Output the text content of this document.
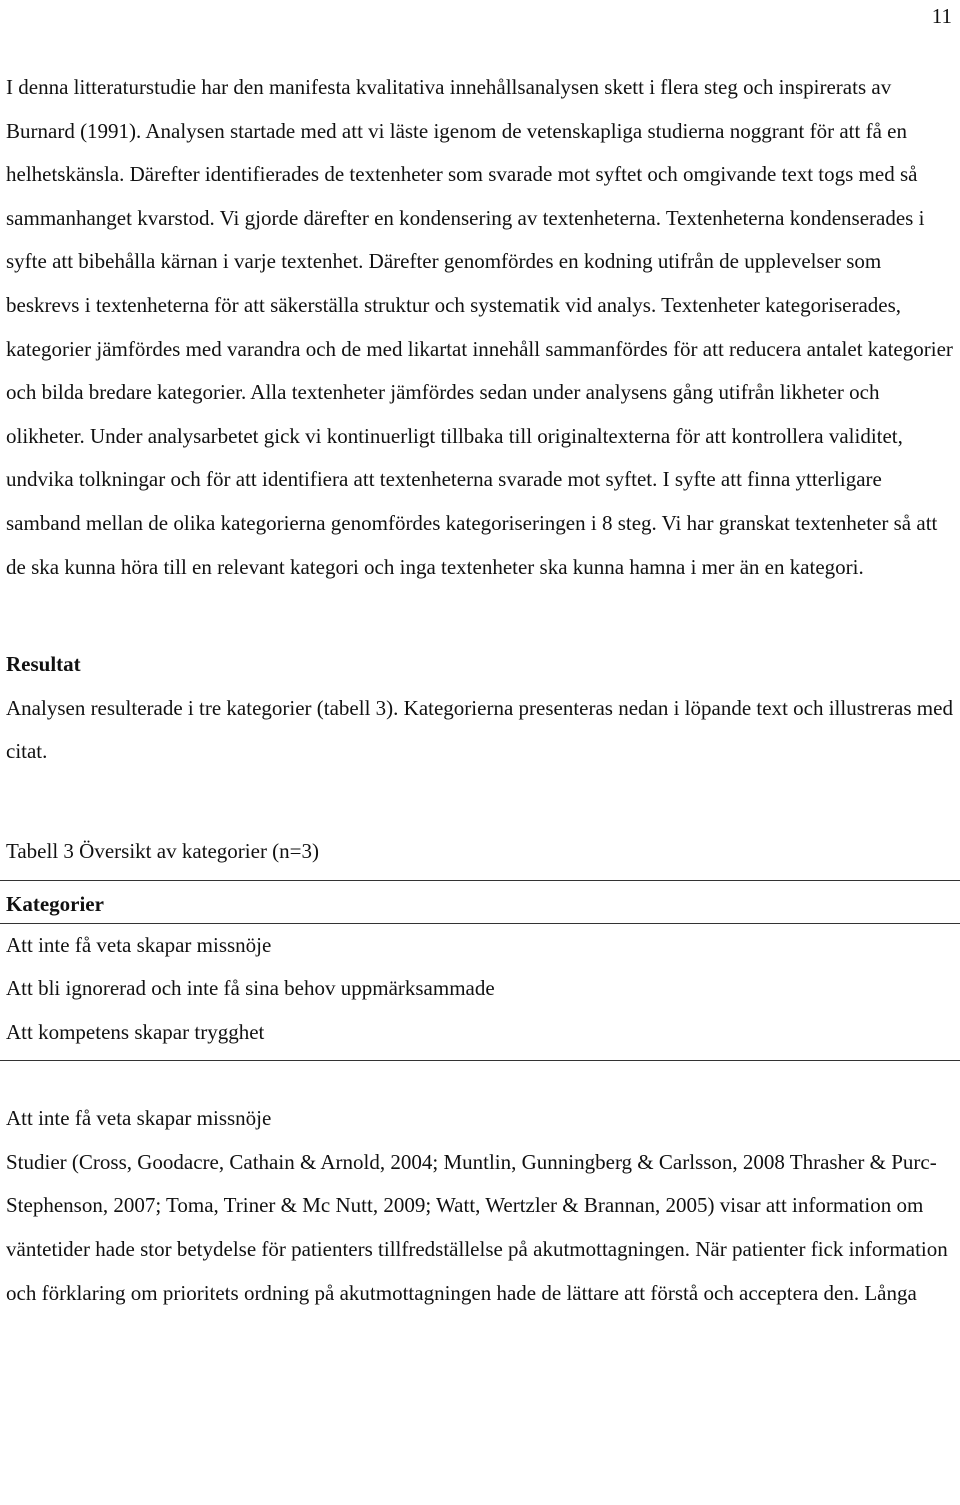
11

I denna litteraturstudie har den manifesta kvalitativa innehållsanalysen skett i flera steg och inspirerats av Burnard (1991). Analysen startade med att vi läste igenom de vetenskapliga studierna noggrant för att få en helhetskänsla. Därefter identifierades de textenheter som svarade mot syftet och omgivande text togs med så sammanhanget kvarstod. Vi gjorde därefter en kondensering av textenheterna. Textenheterna kondenserades i syfte att bibehålla kärnan i varje textenhet. Därefter genomfördes en kodning utifrån de upplevelser som beskrevs i textenheterna för att säkerställa struktur och systematik vid analys. Textenheter kategoriserades, kategorier jämfördes med varandra och de med likartat innehåll sammanfördes för att reducera antalet kategorier och bilda bredare kategorier. Alla textenheter jämfördes sedan under analysens gång utifrån likheter och olikheter. Under analysarbetet gick vi kontinuerligt tillbaka till originaltexterna för att kontrollera validitet, undvika tolkningar och för att identifiera att textenheterna svarade mot syftet. I syfte att finna ytterligare samband mellan de olika kategorierna genomfördes kategoriseringen i 8 steg. Vi har granskat textenheter så att de ska kunna höra till en relevant kategori och inga textenheter ska kunna hamna i mer än en kategori.

Resultat

Analysen resulterade i tre kategorier (tabell 3). Kategorierna presenteras nedan i löpande text och illustreras med citat.

Tabell 3 Översikt av kategorier (n=3)

Kategorier
Att inte få veta skapar missnöje
Att bli ignorerad och inte få sina behov uppmärksammade
Att kompetens skapar trygghet

Att inte få veta skapar missnöje

Studier (Cross, Goodacre, Cathain & Arnold, 2004; Muntlin, Gunningberg & Carlsson, 2008 Thrasher & Purc-Stephenson, 2007; Toma, Triner & Mc Nutt, 2009; Watt, Wertzler & Brannan, 2005) visar att information om väntetider hade stor betydelse för patienters tillfredställelse på akutmottagningen. När patienter fick information och förklaring om prioritets ordning på akutmottagningen hade de lättare att förstå och acceptera den. Långa
